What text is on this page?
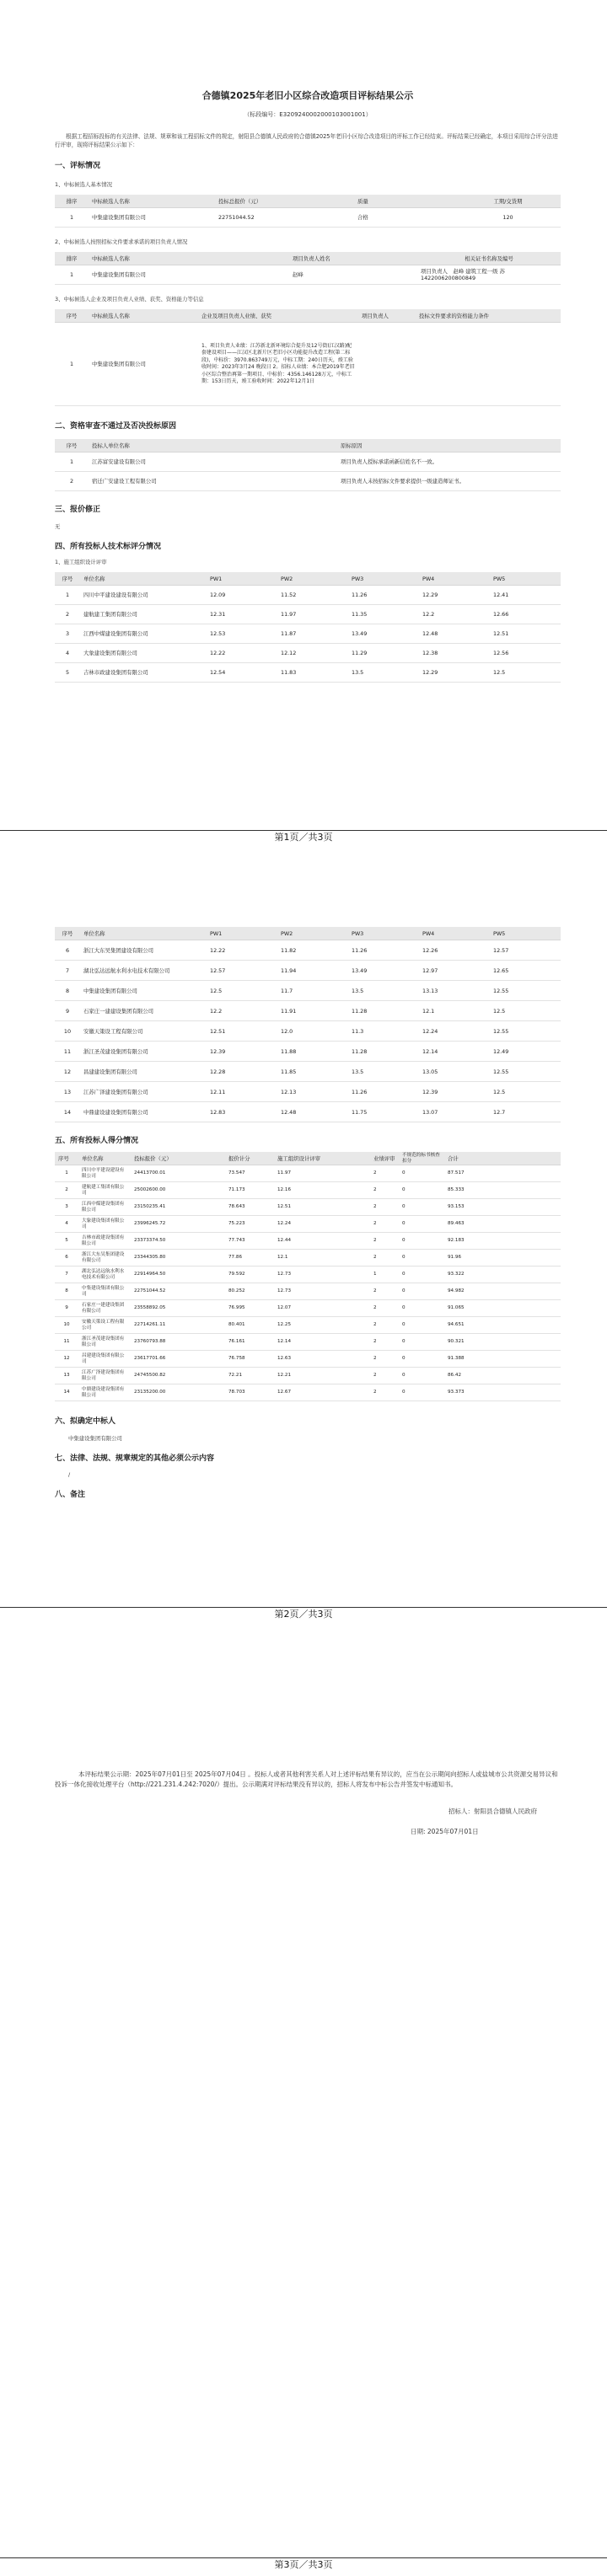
合德镇2025年老旧小区综合改造项目评标结果公示
（标段编号：E3209240002000103001001）
根据工程招标投标的有关法律、法规、规章和该工程招标文件的规定，射阳县合德镇人民政府的合德镇2025年老旧小区综合改造项目的评标工作已经结束。评标结果已经确定，本项目采用综合评分法进行评审，现将评标结果公示如下：
一、评标情况
1、中标候选人基本情况
排序	中标候选人名称	投标总报价（元）	质量	工期/交货期
1	中集建设集团有限公司	22751044.52	合格	120
2、中标候选人按照招标文件要求承诺的项目负责人情况
排序	中标候选人名称	项目负责人姓名	相关证书名称及编号
1	中集建设集团有限公司	赵峰	项目负责人　赵峰 建筑工程一级 苏1422006200800849
3、中标候选人企业及项目负责人业绩、获奖、资格能力等信息
序号	中标候选人名称	企业及项目负责人业绩、获奖	项目负责人	投标文件要求的资格能力条件
1	中集建设集团有限公司	1、项目负责人业绩：江苏新北新环境综合提升及12号街(江汉路)配套建设项目——江汉区北新片区老旧小区功能提升改造工程(第二标段)，中标价：3970.863749万元，中标工期：240日历天，竣工验收时间：2023年3月24 晚段日 2。招标人业绩：本合肥2019年老旧小区综合整治再第一期项目、中标价：4356.146128万元，中标工期：153日历天，竣工验收时间：2022年12月1日		
二、资格审查不通过及否决投标原因
序号	投标人单位名称		原标原因
1	江苏富安建设有限公司		项目负责人授标承诺函新信姓名不一致。
2	宿迁广安建设工程有限公司		项目负责人未按招标文件要求提供一级建造师证书。
三、报价修正
无
四、所有投标人技术标评分情况
1、施工组织设计评审
序号	单位名称	PW1	PW2	PW3	PW4	PW5
1	四川中平建设建设有限公司	12.09	11.52	11.26	12.29	12.41
2	建航建工集团有限公司	12.31	11.97	11.35	12.2	12.66
3	江西中煤建设集团有限公司	12.53	11.87	13.49	12.48	12.51
4	大象建设集团有限公司	12.22	12.12	11.29	12.38	12.56
5	吉林市政建设集团有限公司	12.54	11.83	13.5	12.29	12.5
第1页／共3页
序号	单位名称	PW1	PW2	PW3	PW4	PW5
6	浙江大东吴集团建设有限公司	12.22	11.82	11.26	12.26	12.57
7	湖北弘达远航水利水电技术有限公司	12.57	11.94	13.49	12.97	12.65
8	中集建设集团有限公司	12.5	11.7	13.5	13.13	12.55
9	石家庄一建建设集团有限公司	12.2	11.91	11.28	12.1	12.5
10	安徽天策设工程有限公司	12.51	12.0	11.3	12.24	12.55
11	浙江圣茂建设集团有限公司	12.39	11.88	11.28	12.14	12.49
12	昌建建设集团有限公司	12.28	11.85	13.5	13.05	12.55
13	江苏广泽建设集团有限公司	12.11	12.13	11.26	12.39	12.5
14	中鼎建设建设集团有限公司	12.83	12.48	11.75	13.07	12.7
五、所有投标人得分情况
序号	单位名称	投标报价（元）	报价计分	施工组织设计评审	业绩评审	不规范的标书核查扣分	合计
1	四川中平建设建设有限公司	24413700.01	73.547	11.97	2	0	87.517
2	建航建工集团有限公司	25002600.00	71.173	12.16	2	0	85.333
3	江西中煤建设集团有限公司	23150235.41	78.643	12.51	2	0	93.153
4	大象建设集团有限公司	23996245.72	75.223	12.24	2	0	89.463
5	吉林市政建设集团有限公司	23373374.50	77.743	12.44	2	0	92.183
6	浙江大东吴集团建设有限公司	23344305.80	77.86	12.1	2	0	91.96
7	湖北弘达远航水利水电技术有限公司	22914964.50	79.592	12.73	1	0	93.322
8	中集建设集团有限公司	22751044.52	80.252	12.73	2	0	94.982
9	石家庄一建建设集团有限公司	23558892.05	76.995	12.07	2	0	91.065
10	安徽天策设工程有限公司	22714261.11	80.401	12.25	2	0	94.651
11	浙江圣茂建设集团有限公司	23760793.88	76.161	12.14	2	0	90.321
12	昌建建设集团有限公司	23617701.66	76.758	12.63	2	0	91.388
13	江苏广泽建设集团有限公司	24745500.82	72.21	12.21	2	0	86.42
14	中鼎建设建设集团有限公司	23135200.00	78.703	12.67	2	0	93.373
六、拟确定中标人
中集建设集团有限公司
七、法律、法规、规章规定的其他必须公示内容
/
八、备注
第2页／共3页
本评标结果公示期：2025年07月01日至 2025年07月04日 。投标人或者其他利害关系人对上述评标结果有异议的，应当在公示期间向招标人或盐城市公共资源交易异议和投诉一体化接收处理平台（http://221.231.4.242:7020/）提出。公示期满对评标结果没有异议的，招标人将发布中标公告并签发中标通知书。
招标人：射阳县合德镇人民政府
日期: 2025年07月01日
第3页／共3页
